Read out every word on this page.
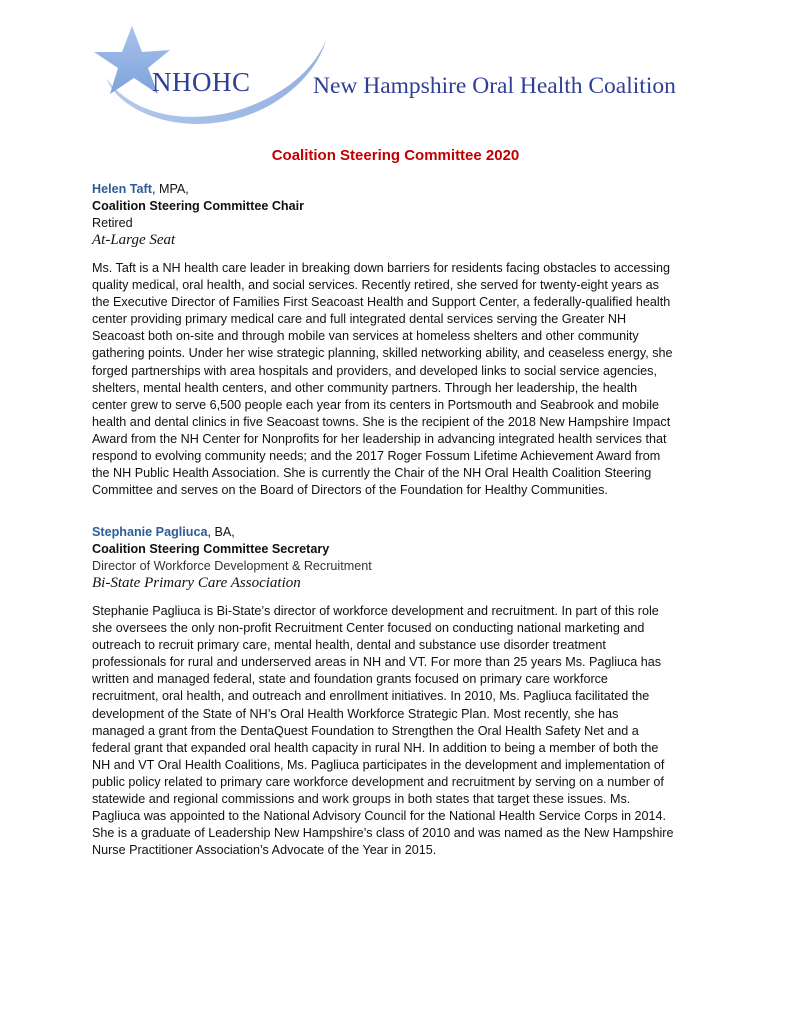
NHOHC	New Hampshire Oral Health Coalition
Coalition Steering Committee 2020
Helen Taft, MPA,
Coalition Steering Committee Chair
Retired
At-Large Seat
Ms. Taft is a NH health care leader in breaking down barriers for residents facing obstacles to accessing
quality medical, oral health, and social services. Recently retired, she served for twenty-eight years as
the Executive Director of Families First Seacoast Health and Support Center, a federally-qualified health
center providing primary medical care and full integrated dental services serving the Greater NH
Seacoast both on-site and through mobile van services at homeless shelters and other community
gathering points. Under her wise strategic planning, skilled networking ability, and ceaseless energy, she
forged partnerships with area hospitals and providers, and developed links to social service agencies,
shelters, mental health centers, and other community partners. Through her leadership, the health
center grew to serve 6,500 people each year from its centers in Portsmouth and Seabrook and mobile
health and dental clinics in five Seacoast towns. She is the recipient of the 2018 New Hampshire Impact
Award from the NH Center for Nonprofits for her leadership in advancing integrated health services that
respond to evolving community needs; and the 2017 Roger Fossum Lifetime Achievement Award from
the NH Public Health Association. She is currently the Chair of the NH Oral Health Coalition Steering
Committee and serves on the Board of Directors of the Foundation for Healthy Communities.
Stephanie Pagliuca, BA,
Coalition Steering Committee Secretary
Director of Workforce Development & Recruitment
Bi-State Primary Care Association
Stephanie Pagliuca is Bi-State’s director of workforce development and recruitment. In part of this role
she oversees the only non-profit Recruitment Center focused on conducting national marketing and
outreach to recruit primary care, mental health, dental and substance use disorder treatment
professionals for rural and underserved areas in NH and VT. For more than 25 years Ms. Pagliuca has
written and managed federal, state and foundation grants focused on primary care workforce
recruitment, oral health, and outreach and enrollment initiatives. In 2010, Ms. Pagliuca facilitated the
development of the State of NH’s Oral Health Workforce Strategic Plan. Most recently, she has
managed a grant from the DentaQuest Foundation to Strengthen the Oral Health Safety Net and a
federal grant that expanded oral health capacity in rural NH. In addition to being a member of both the
NH and VT Oral Health Coalitions, Ms. Pagliuca participates in the development and implementation of
public policy related to primary care workforce development and recruitment by serving on a number of
statewide and regional commissions and work groups in both states that target these issues. Ms.
Pagliuca was appointed to the National Advisory Council for the National Health Service Corps in 2014.
She is a graduate of Leadership New Hampshire’s class of 2010 and was named as the New Hampshire
Nurse Practitioner Association’s Advocate of the Year in 2015.
